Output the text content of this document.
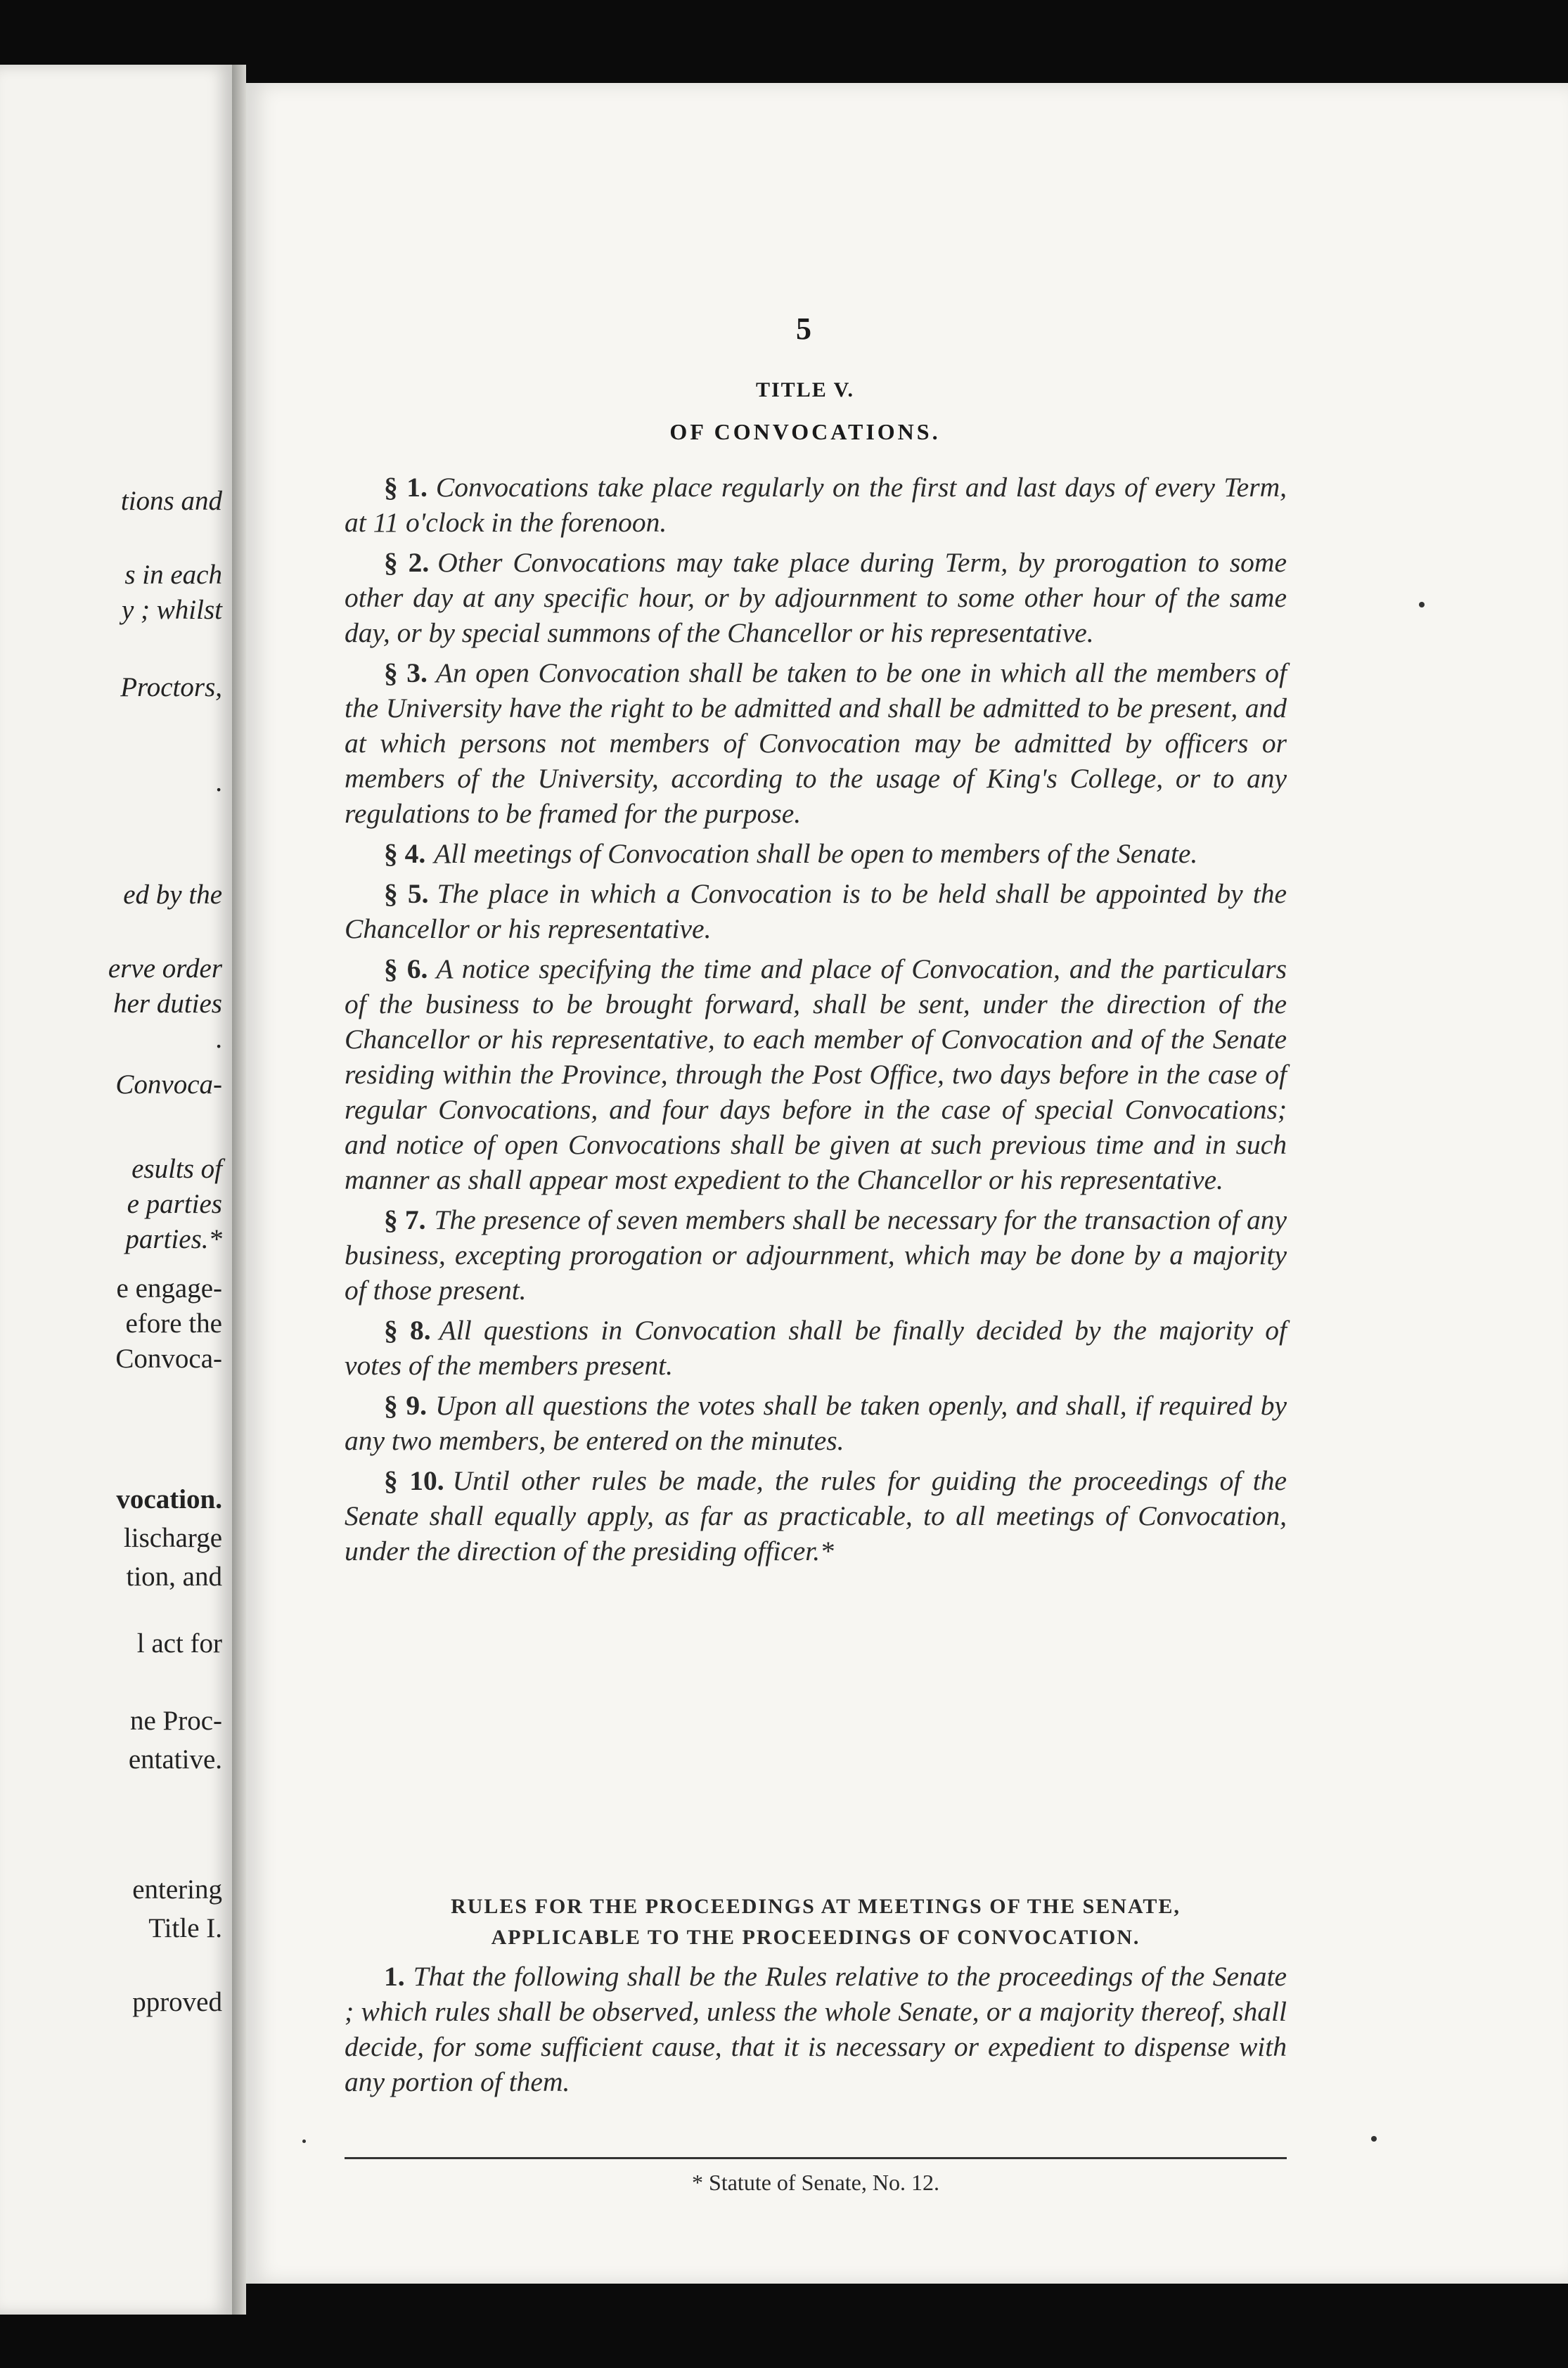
tions and
s in each
y ; whilst
Proctors,
.
ed by the
erve order
her duties
.
Convoca-
esults of
e parties
parties.*
e engage-
efore the
Convoca-
vocation.
lischarge
tion, and
l act for
ne Proc-
entative.
entering
Title I.
pproved
5
TITLE V.
OF CONVOCATIONS.

§ 1. Convocations take place regularly on the first and last days of every Term, at 11 o'clock in the forenoon.

§ 2. Other Convocations may take place during Term, by prorogation to some other day at any specific hour, or by adjournment to some other hour of the same day, or by special summons of the Chancellor or his representative.

§ 3. An open Convocation shall be taken to be one in which all the members of the University have the right to be admitted and shall be admitted to be present, and at which persons not members of Convocation may be admitted by officers or members of the University, according to the usage of King's College, or to any regulations to be framed for the purpose.

§ 4. All meetings of Convocation shall be open to members of the Senate.

§ 5. The place in which a Convocation is to be held shall be appointed by the Chancellor or his representative.

§ 6. A notice specifying the time and place of Convocation, and the particulars of the business to be brought forward, shall be sent, under the direction of the Chancellor or his representative, to each member of Convocation and of the Senate residing within the Province, through the Post Office, two days before in the case of regular Convocations, and four days before in the case of special Convocations; and notice of open Convocations shall be given at such previous time and in such manner as shall appear most expedient to the Chancellor or his representative.

§ 7. The presence of seven members shall be necessary for the transaction of any business, excepting prorogation or adjournment, which may be done by a majority of those present.

§ 8. All questions in Convocation shall be finally decided by the majority of votes of the members present.

§ 9. Upon all questions the votes shall be taken openly, and shall, if required by any two members, be entered on the minutes.

§ 10. Until other rules be made, the rules for guiding the proceedings of the Senate shall equally apply, as far as practicable, to all meetings of Convocation, under the direction of the presiding officer.*

RULES FOR THE PROCEEDINGS AT MEETINGS OF THE SENATE,
APPLICABLE TO THE PROCEEDINGS OF CONVOCATION.

1. That the following shall be the Rules relative to the proceedings of the Senate ; which rules shall be observed, unless the whole Senate, or a majority thereof, shall decide, for some sufficient cause, that it is necessary or expedient to dispense with any portion of them.

* Statute of Senate, No. 12.
